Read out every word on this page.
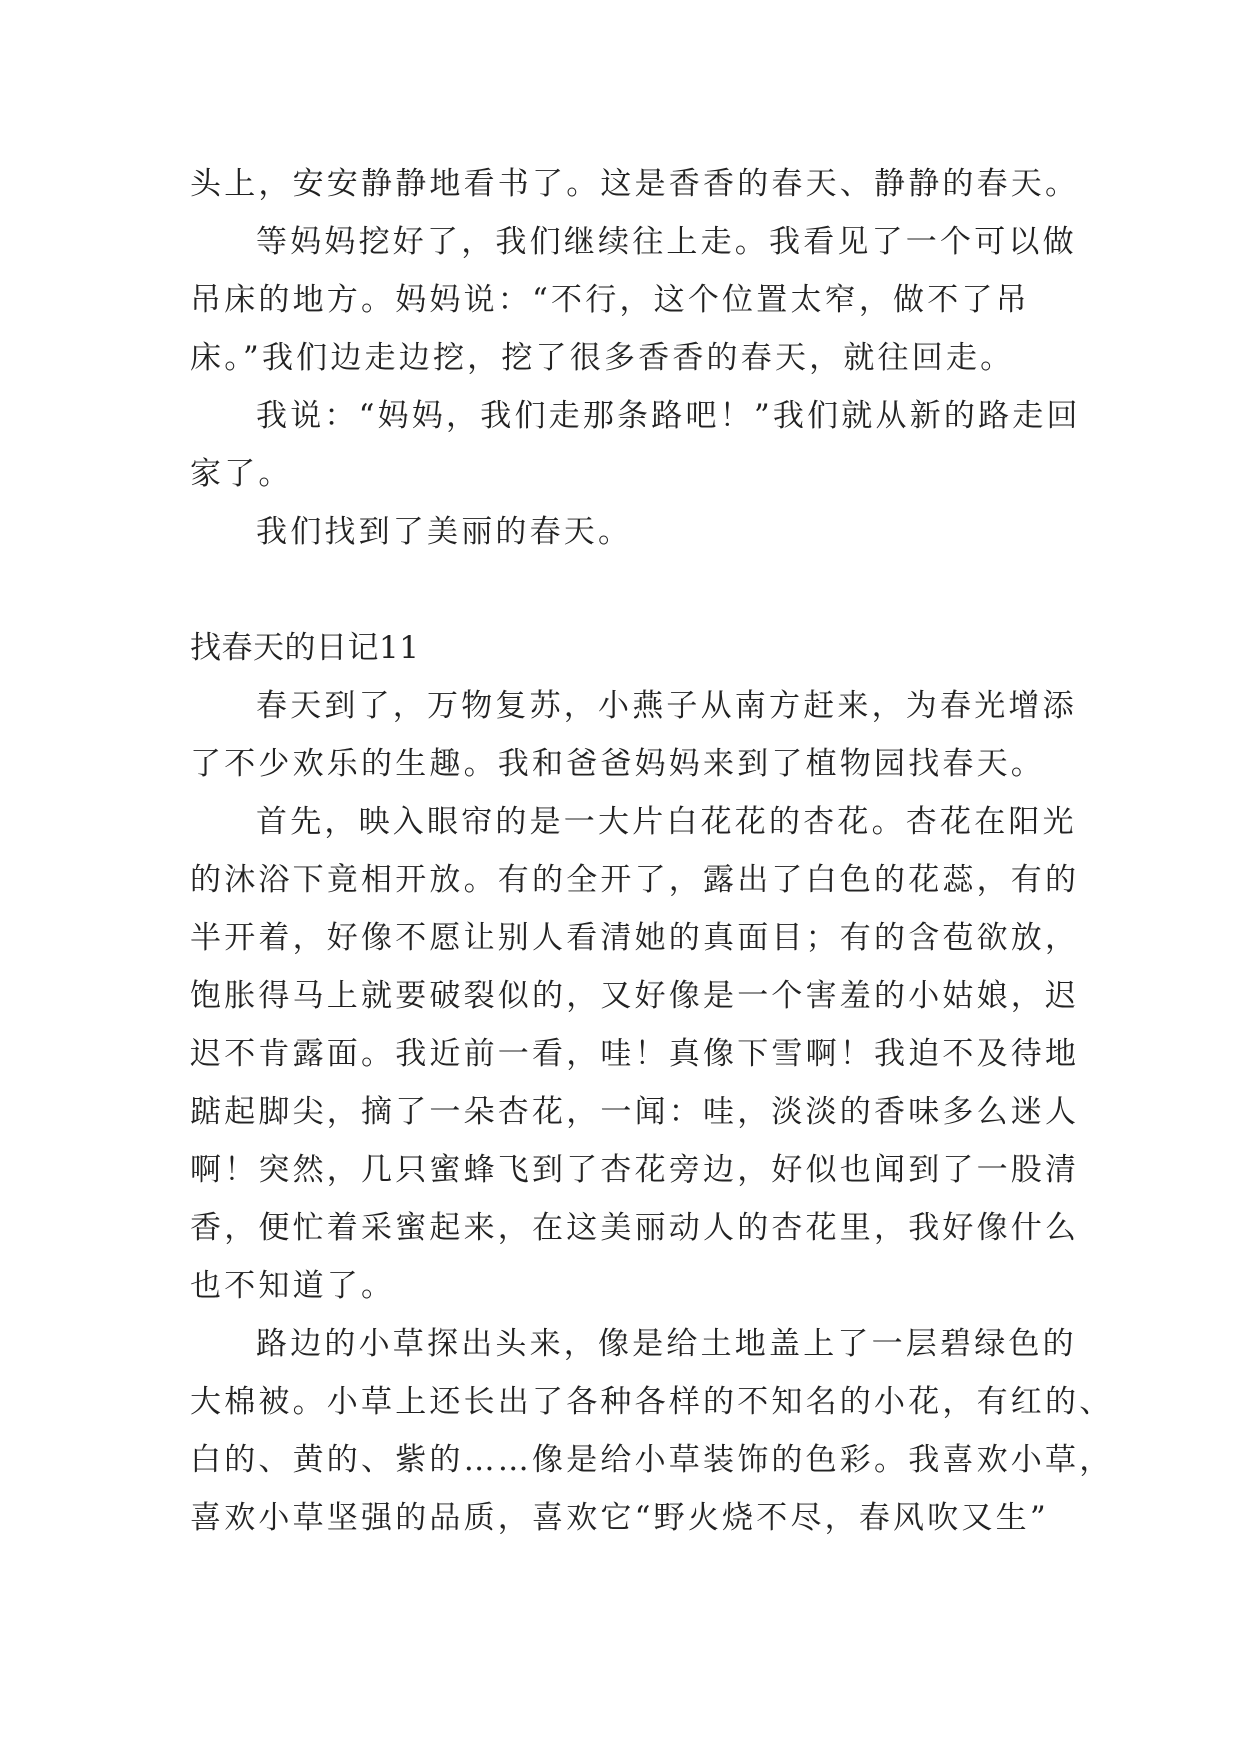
头上，安安静静地看书了。这是香香的春天、静静的春天。
等妈妈挖好了，我们继续往上走。我看见了一个可以做
吊床的地方。妈妈说：“不行，这个位置太窄，做不了吊
床。”我们边走边挖，挖了很多香香的春天，就往回走。
我说：“妈妈，我们走那条路吧！”我们就从新的路走回
家了。
我们找到了美丽的春天。
找春天的日记11
春天到了，万物复苏，小燕子从南方赶来，为春光增添
了不少欢乐的生趣。我和爸爸妈妈来到了植物园找春天。
首先，映入眼帘的是一大片白花花的杏花。杏花在阳光
的沐浴下竟相开放。有的全开了，露出了白色的花蕊，有的
半开着，好像不愿让别人看清她的真面目；有的含苞欲放，
饱胀得马上就要破裂似的，又好像是一个害羞的小姑娘，迟
迟不肯露面。我近前一看，哇！真像下雪啊！我迫不及待地
踮起脚尖，摘了一朵杏花，一闻：哇，淡淡的香味多么迷人
啊！突然，几只蜜蜂飞到了杏花旁边，好似也闻到了一股清
香，便忙着采蜜起来，在这美丽动人的杏花里，我好像什么
也不知道了。
路边的小草探出头来，像是给土地盖上了一层碧绿色的
大棉被。小草上还长出了各种各样的不知名的小花，有红的、
白的、黄的、紫的……像是给小草装饰的色彩。我喜欢小草，
喜欢小草坚强的品质，喜欢它“野火烧不尽，春风吹又生”
